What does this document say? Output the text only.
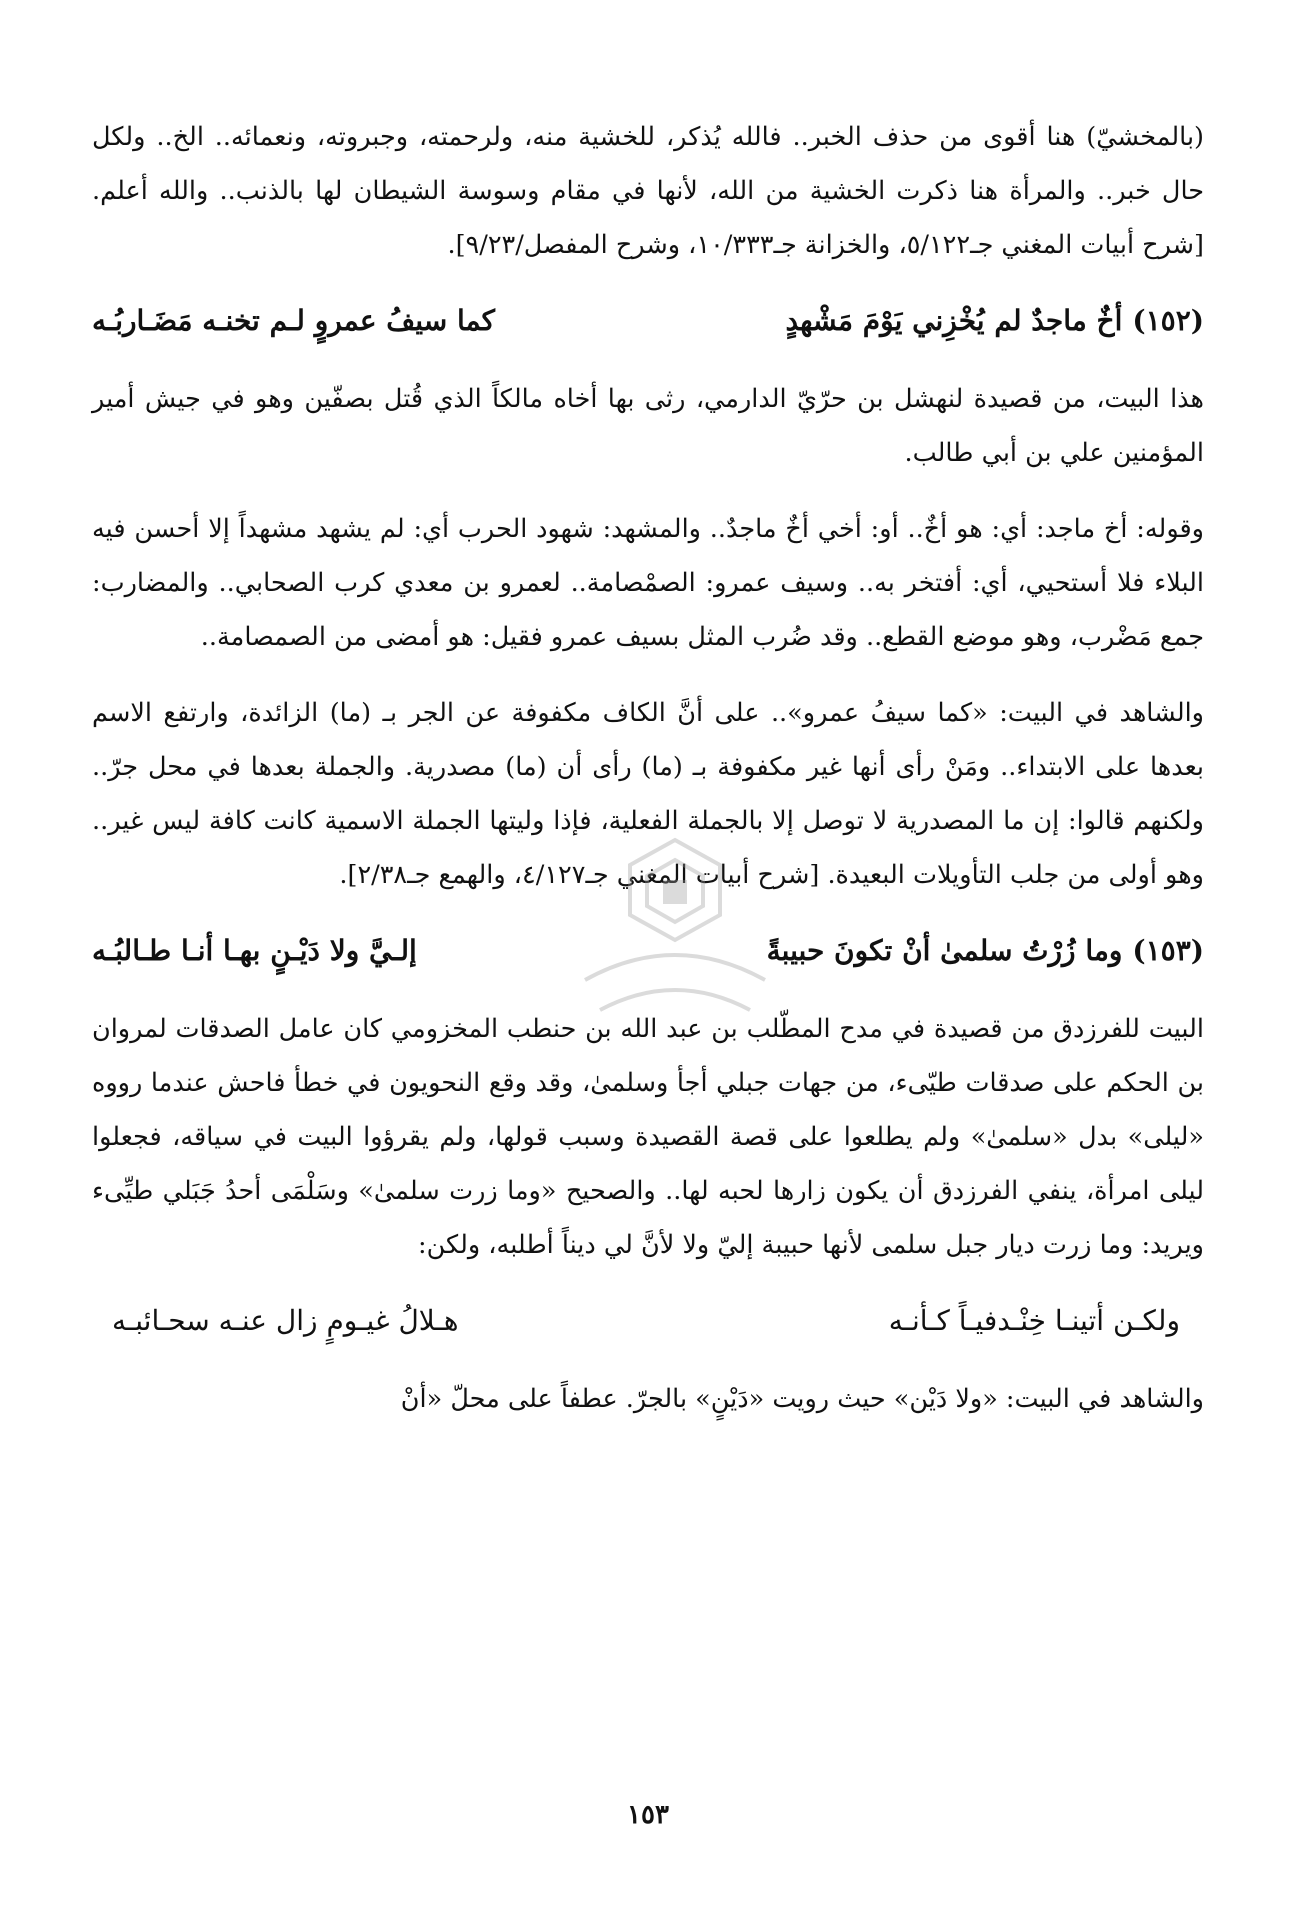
(بالمخشيّ) هنا أقوى من حذف الخبر.. فالله يُذكر، للخشية منه، ولرحمته، وجبروته، ونعمائه.. الخ.. ولكل حال خبر.. والمرأة هنا ذكرت الخشية من الله، لأنها في مقام وسوسة الشيطان لها بالذنب.. والله أعلم. [شرح أبيات المغني جـ٥/١٢٢، والخزانة جـ١٠/٣٣٣، وشرح المفصل/٩/٢٣].

(١٥٢)أخٌ ماجدٌ لم يُخْزِني يَوْمَ مَشْهدٍ
كما سيفُ عمروٍ لـم تخنـه مَضَـاربُـه

هذا البيت، من قصيدة لنهشل بن حرّيّ الدارمي، رثى بها أخاه مالكاً الذي قُتل بصفّين وهو في جيش أمير المؤمنين علي بن أبي طالب.

وقوله: أخ ماجد: أي: هو أخٌ.. أو: أخي أخٌ ماجدٌ.. والمشهد: شهود الحرب أي: لم يشهد مشهداً إلا أحسن فيه البلاء فلا أستحيي، أي: أفتخر به.. وسيف عمرو: الصمْصامة.. لعمرو بن معدي كرب الصحابي.. والمضارب: جمع مَضْرب، وهو موضع القطع.. وقد ضُرب المثل بسيف عمرو فقيل: هو أمضى من الصمصامة..

والشاهد في البيت: «كما سيفُ عمرو».. على أنَّ الكاف مكفوفة عن الجر بـ (ما) الزائدة، وارتفع الاسم بعدها على الابتداء.. ومَنْ رأى أنها غير مكفوفة بـ (ما) رأى أن (ما) مصدرية. والجملة بعدها في محل جرّ.. ولكنهم قالوا: إن ما المصدرية لا توصل إلا بالجملة الفعلية، فإذا وليتها الجملة الاسمية كانت كافة ليس غير.. وهو أولى من جلب التأويلات البعيدة. [شرح أبيات المغني جـ٤/١٢٧، والهمع جـ٢/٣٨].

(١٥٣)وما زُرْتُ سلمىٰ أنْ تكونَ حبيبةً
إلـيَّ ولا دَيْـنٍ بهـا أنـا طـالبُـه

البيت للفرزدق من قصيدة في مدح المطّلب بن عبد الله بن حنطب المخزومي كان عامل الصدقات لمروان بن الحكم على صدقات طيّىء، من جهات جبلي أجأ وسلمىٰ، وقد وقع النحويون في خطأ فاحش عندما رووه «ليلى» بدل «سلمىٰ» ولم يطلعوا على قصة القصيدة وسبب قولها، ولم يقرؤوا البيت في سياقه، فجعلوا ليلى امرأة، ينفي الفرزدق أن يكون زارها لحبه لها.. والصحيح «وما زرت سلمىٰ» وسَلْمَى أحدُ جَبَلي طيِّىء ويريد: وما زرت ديار جبل سلمى لأنها حبيبة إليّ ولا لأنَّ لي ديناً أطلبه، ولكن:

ولكـن أتينـا خِنْـدفيـاً كـأنـه
هـلالُ غيـومٍ زال عنـه سحـائبـه

والشاهد في البيت: «ولا دَيْن» حيث رويت «دَيْنٍ» بالجرّ. عطفاً على محلّ «أنْ

١٥٣
